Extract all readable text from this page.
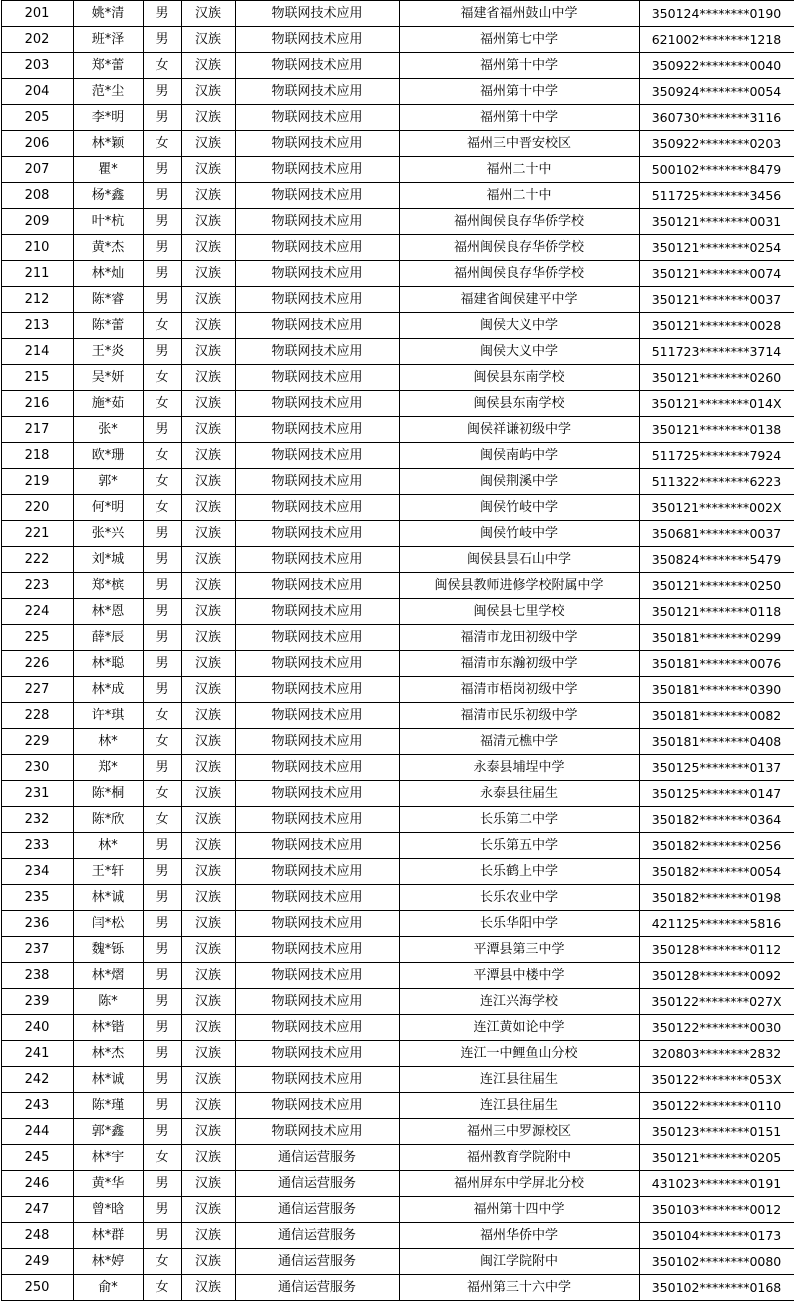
201	姚*清	男	汉族	物联网技术应用	福建省福州鼓山中学	350124********0190
202	班*泽	男	汉族	物联网技术应用	福州第七中学	621002********1218
203	郑*蕾	女	汉族	物联网技术应用	福州第十中学	350922********0040
204	范*尘	男	汉族	物联网技术应用	福州第十中学	350924********0054
205	李*明	男	汉族	物联网技术应用	福州第十中学	360730********3116
206	林*颖	女	汉族	物联网技术应用	福州三中晋安校区	350922********0203
207	瞿*	男	汉族	物联网技术应用	福州二十中	500102********8479
208	杨*鑫	男	汉族	物联网技术应用	福州二十中	511725********3456
209	叶*杭	男	汉族	物联网技术应用	福州闽侯良存华侨学校	350121********0031
210	黄*杰	男	汉族	物联网技术应用	福州闽侯良存华侨学校	350121********0254
211	林*灿	男	汉族	物联网技术应用	福州闽侯良存华侨学校	350121********0074
212	陈*睿	男	汉族	物联网技术应用	福建省闽侯建平中学	350121********0037
213	陈*蕾	女	汉族	物联网技术应用	闽侯大义中学	350121********0028
214	王*炎	男	汉族	物联网技术应用	闽侯大义中学	511723********3714
215	吴*妍	女	汉族	物联网技术应用	闽侯县东南学校	350121********0260
216	施*茹	女	汉族	物联网技术应用	闽侯县东南学校	350121********014X
217	张*	男	汉族	物联网技术应用	闽侯祥谦初级中学	350121********0138
218	欧*珊	女	汉族	物联网技术应用	闽侯南屿中学	511725********7924
219	郭*	女	汉族	物联网技术应用	闽侯荆溪中学	511322********6223
220	何*明	女	汉族	物联网技术应用	闽侯竹岐中学	350121********002X
221	张*兴	男	汉族	物联网技术应用	闽侯竹岐中学	350681********0037
222	刘*城	男	汉族	物联网技术应用	闽侯县昙石山中学	350824********5479
223	郑*槟	男	汉族	物联网技术应用	闽侯县教师进修学校附属中学	350121********0250
224	林*恩	男	汉族	物联网技术应用	闽侯县七里学校	350121********0118
225	薛*辰	男	汉族	物联网技术应用	福清市龙田初级中学	350181********0299
226	林*聪	男	汉族	物联网技术应用	福清市东瀚初级中学	350181********0076
227	林*成	男	汉族	物联网技术应用	福清市梧岗初级中学	350181********0390
228	许*琪	女	汉族	物联网技术应用	福清市民乐初级中学	350181********0082
229	林*	女	汉族	物联网技术应用	福清元樵中学	350181********0408
230	郑*	男	汉族	物联网技术应用	永泰县埔埕中学	350125********0137
231	陈*桐	女	汉族	物联网技术应用	永泰县往届生	350125********0147
232	陈*欣	女	汉族	物联网技术应用	长乐第二中学	350182********0364
233	林*	男	汉族	物联网技术应用	长乐第五中学	350182********0256
234	王*轩	男	汉族	物联网技术应用	长乐鹤上中学	350182********0054
235	林*诚	男	汉族	物联网技术应用	长乐农业中学	350182********0198
236	闫*松	男	汉族	物联网技术应用	长乐华阳中学	421125********5816
237	魏*铄	男	汉族	物联网技术应用	平潭县第三中学	350128********0112
238	林*熠	男	汉族	物联网技术应用	平潭县中楼中学	350128********0092
239	陈*	男	汉族	物联网技术应用	连江兴海学校	350122********027X
240	林*锴	男	汉族	物联网技术应用	连江黄如论中学	350122********0030
241	林*杰	男	汉族	物联网技术应用	连江一中鲤鱼山分校	320803********2832
242	林*诚	男	汉族	物联网技术应用	连江县往届生	350122********053X
243	陈*瑾	男	汉族	物联网技术应用	连江县往届生	350122********0110
244	郭*鑫	男	汉族	物联网技术应用	福州三中罗源校区	350123********0151
245	林*宇	女	汉族	通信运营服务	福州教育学院附中	350121********0205
246	黄*华	男	汉族	通信运营服务	福州屏东中学屏北分校	431023********0191
247	曾*晗	男	汉族	通信运营服务	福州第十四中学	350103********0012
248	林*群	男	汉族	通信运营服务	福州华侨中学	350104********0173
249	林*婷	女	汉族	通信运营服务	闽江学院附中	350102********0080
250	俞*	女	汉族	通信运营服务	福州第三十六中学	350102********0168
